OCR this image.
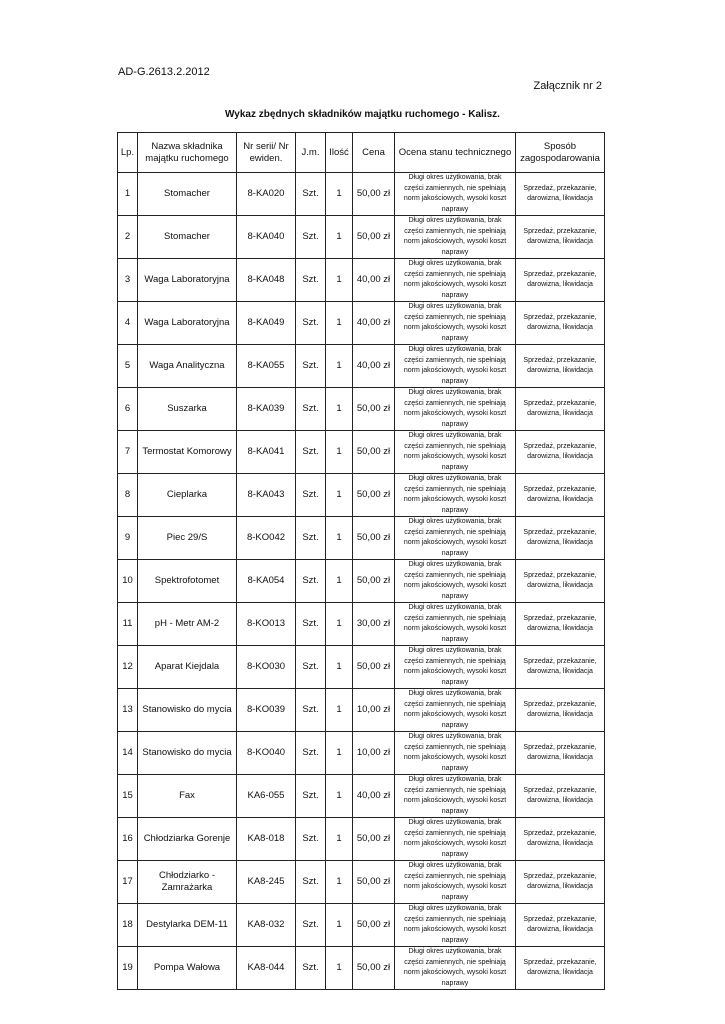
AD-G.2613.2.2012
Załącznik nr 2
Wykaz zbędnych składników majątku ruchomego - Kalisz.
Lp.	Nazwa składnika majątku ruchomego	Nr serii/ Nr ewiden.	J.m.	Ilość	Cena	Ocena stanu technicznego	Sposób zagospodarowania
1	Stomacher	8-KA020	Szt.	1	50,00 zł	Długi okres użytkowania, brak części zamiennych, nie spełniają norm jakościowych, wysoki koszt naprawy	Sprzedaż, przekazanie, darowizna, likwidacja
2	Stomacher	8-KA040	Szt.	1	50,00 zł	Długi okres użytkowania, brak części zamiennych, nie spełniają norm jakościowych, wysoki koszt naprawy	Sprzedaż, przekazanie, darowizna, likwidacja
3	Waga Laboratoryjna	8-KA048	Szt.	1	40,00 zł	Długi okres użytkowania, brak części zamiennych, nie spełniają norm jakościowych, wysoki koszt naprawy	Sprzedaż, przekazanie, darowizna, likwidacja
4	Waga Laboratoryjna	8-KA049	Szt.	1	40,00 zł	Długi okres użytkowania, brak części zamiennych, nie spełniają norm jakościowych, wysoki koszt naprawy	Sprzedaż, przekazanie, darowizna, likwidacja
5	Waga Analityczna	8-KA055	Szt.	1	40,00 zł	Długi okres użytkowania, brak części zamiennych, nie spełniają norm jakościowych, wysoki koszt naprawy	Sprzedaż, przekazanie, darowizna, likwidacja
6	Suszarka	8-KA039	Szt.	1	50,00 zł	Długi okres użytkowania, brak części zamiennych, nie spełniają norm jakościowych, wysoki koszt naprawy	Sprzedaż, przekazanie, darowizna, likwidacja
7	Termostat Komorowy	8-KA041	Szt.	1	50,00 zł	Długi okres użytkowania, brak części zamiennych, nie spełniają norm jakościowych, wysoki koszt naprawy	Sprzedaż, przekazanie, darowizna, likwidacja
8	Cieplarka	8-KA043	Szt.	1	50,00 zł	Długi okres użytkowania, brak części zamiennych, nie spełniają norm jakościowych, wysoki koszt naprawy	Sprzedaż, przekazanie, darowizna, likwidacja
9	Piec 29/S	8-KO042	Szt.	1	50,00 zł	Długi okres użytkowania, brak części zamiennych, nie spełniają norm jakościowych, wysoki koszt naprawy	Sprzedaż, przekazanie, darowizna, likwidacja
10	Spektrofotomet	8-KA054	Szt.	1	50,00 zł	Długi okres użytkowania, brak części zamiennych, nie spełniają norm jakościowych, wysoki koszt naprawy	Sprzedaż, przekazanie, darowizna, likwidacja
11	pH - Metr AM-2	8-KO013	Szt.	1	30,00 zł	Długi okres użytkowania, brak części zamiennych, nie spełniają norm jakościowych, wysoki koszt naprawy	Sprzedaż, przekazanie, darowizna, likwidacja
12	Aparat Kiejdala	8-KO030	Szt.	1	50,00 zł	Długi okres użytkowania, brak części zamiennych, nie spełniają norm jakościowych, wysoki koszt naprawy	Sprzedaż, przekazanie, darowizna, likwidacja
13	Stanowisko do mycia	8-KO039	Szt.	1	10,00 zł	Długi okres użytkowania, brak części zamiennych, nie spełniają norm jakościowych, wysoki koszt naprawy	Sprzedaż, przekazanie, darowizna, likwidacja
14	Stanowisko do mycia	8-KO040	Szt.	1	10,00 zł	Długi okres użytkowania, brak części zamiennych, nie spełniają norm jakościowych, wysoki koszt naprawy	Sprzedaż, przekazanie, darowizna, likwidacja
15	Fax	KA6-055	Szt.	1	40,00 zł	Długi okres użytkowania, brak części zamiennych, nie spełniają norm jakościowych, wysoki koszt naprawy	Sprzedaż, przekazanie, darowizna, likwidacja
16	Chłodziarka Gorenje	KA8-018	Szt.	1	50,00 zł	Długi okres użytkowania, brak części zamiennych, nie spełniają norm jakościowych, wysoki koszt naprawy	Sprzedaż, przekazanie, darowizna, likwidacja
17	Chłodziarko - Zamrażarka	KA8-245	Szt.	1	50,00 zł	Długi okres użytkowania, brak części zamiennych, nie spełniają norm jakościowych, wysoki koszt naprawy	Sprzedaż, przekazanie, darowizna, likwidacja
18	Destylarka DEM-11	KA8-032	Szt.	1	50,00 zł	Długi okres użytkowania, brak części zamiennych, nie spełniają norm jakościowych, wysoki koszt naprawy	Sprzedaż, przekazanie, darowizna, likwidacja
19	Pompa Wałowa	KA8-044	Szt.	1	50,00 zł	Długi okres użytkowania, brak części zamiennych, nie spełniają norm jakościowych, wysoki koszt naprawy	Sprzedaż, przekazanie, darowizna, likwidacja
